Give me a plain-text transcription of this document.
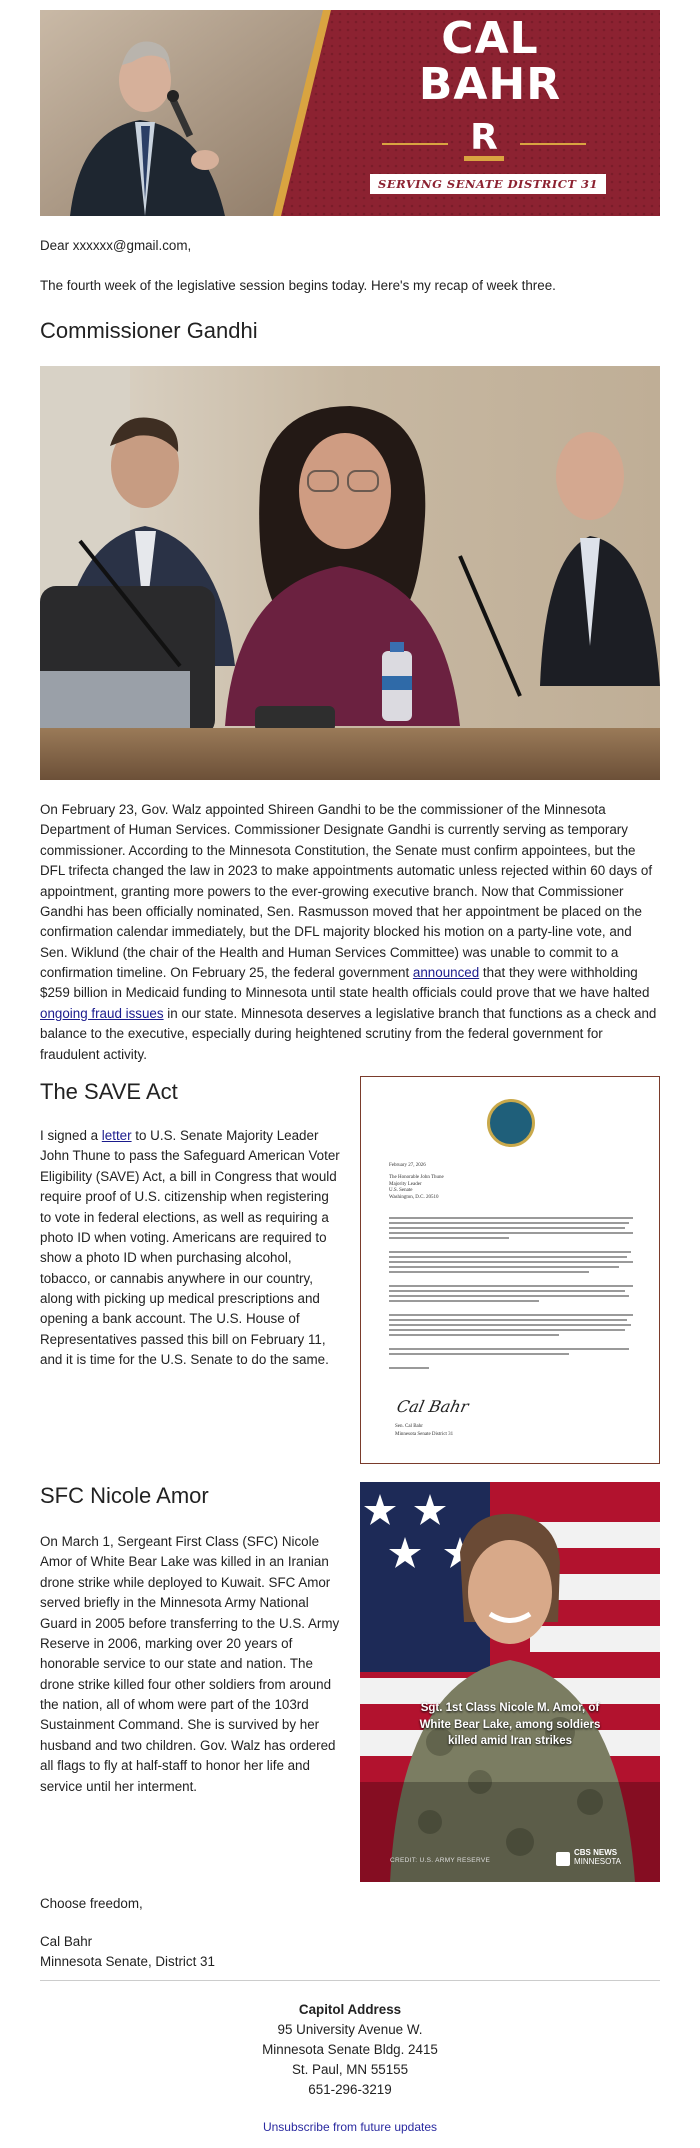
CAL
BAHR
R
SERVING SENATE DISTRICT 31
Dear xxxxxx@gmail.com,
The fourth week of the legislative session begins today. Here's my recap of week three.
Commissioner Gandhi
On February 23, Gov. Walz appointed Shireen Gandhi to be the commissioner of the Minnesota Department of Human Services. Commissioner Designate Gandhi is currently serving as temporary commissioner. According to the Minnesota Constitution, the Senate must confirm appointees, but the DFL trifecta changed the law in 2023 to make appointments automatic unless rejected within 60 days of appointment, granting more powers to the ever-growing executive branch. Now that Commissioner Gandhi has been officially nominated, Sen. Rasmusson moved that her appointment be placed on the confirmation calendar immediately, but the DFL majority blocked his motion on a party-line vote, and Sen. Wiklund (the chair of the Health and Human Services Committee) was unable to commit to a confirmation timeline. On February 25, the federal government announced that they were withholding $259 billion in Medicaid funding to Minnesota until state health officials could prove that we have halted ongoing fraud issues in our state. Minnesota deserves a legislative branch that functions as a check and balance to the executive, especially during heightened scrutiny from the federal government for fraudulent activity.
The SAVE Act
I signed a letter to U.S. Senate Majority Leader John Thune to pass the Safeguard American Voter Eligibility (SAVE) Act, a bill in Congress that would require proof of U.S. citizenship when registering to vote in federal elections, as well as requiring a photo ID when voting. Americans are required to show a photo ID when purchasing alcohol, tobacco, or cannabis anywhere in our country, along with picking up medical prescriptions and opening a bank account. The U.S. House of Representatives passed this bill on February 11, and it is time for the U.S. Senate to do the same.
February 27, 2026
The Honorable John Thune
Majority Leader
U.S. Senate
Washington, D.C. 20510
Cal Bahr
Sen. Cal Bahr
Minnesota Senate District 31
SFC Nicole Amor
On March 1, Sergeant First Class (SFC) Nicole Amor of White Bear Lake was killed in an Iranian drone strike while deployed to Kuwait. SFC Amor served briefly in the Minnesota Army National Guard in 2005 before transferring to the U.S. Army Reserve in 2006, marking over 20 years of honorable service to our state and nation. The drone strike killed four other soldiers from around the nation, all of whom were part of the 103rd Sustainment Command. She is survived by her husband and two children. Gov. Walz has ordered all flags to fly at half-staff to honor her life and service until her interment.
Sgt. 1st Class Nicole M. Amor, of White Bear Lake, among soldiers killed amid Iran strikes
CREDIT: U.S. ARMY RESERVE
CBS NEWS
MINNESOTA
Choose freedom,
Cal Bahr
Minnesota Senate, District 31
Capitol Address
95 University Avenue W.
Minnesota Senate Bldg. 2415
St. Paul, MN 55155
651-296-3219
Unsubscribe from future updates
